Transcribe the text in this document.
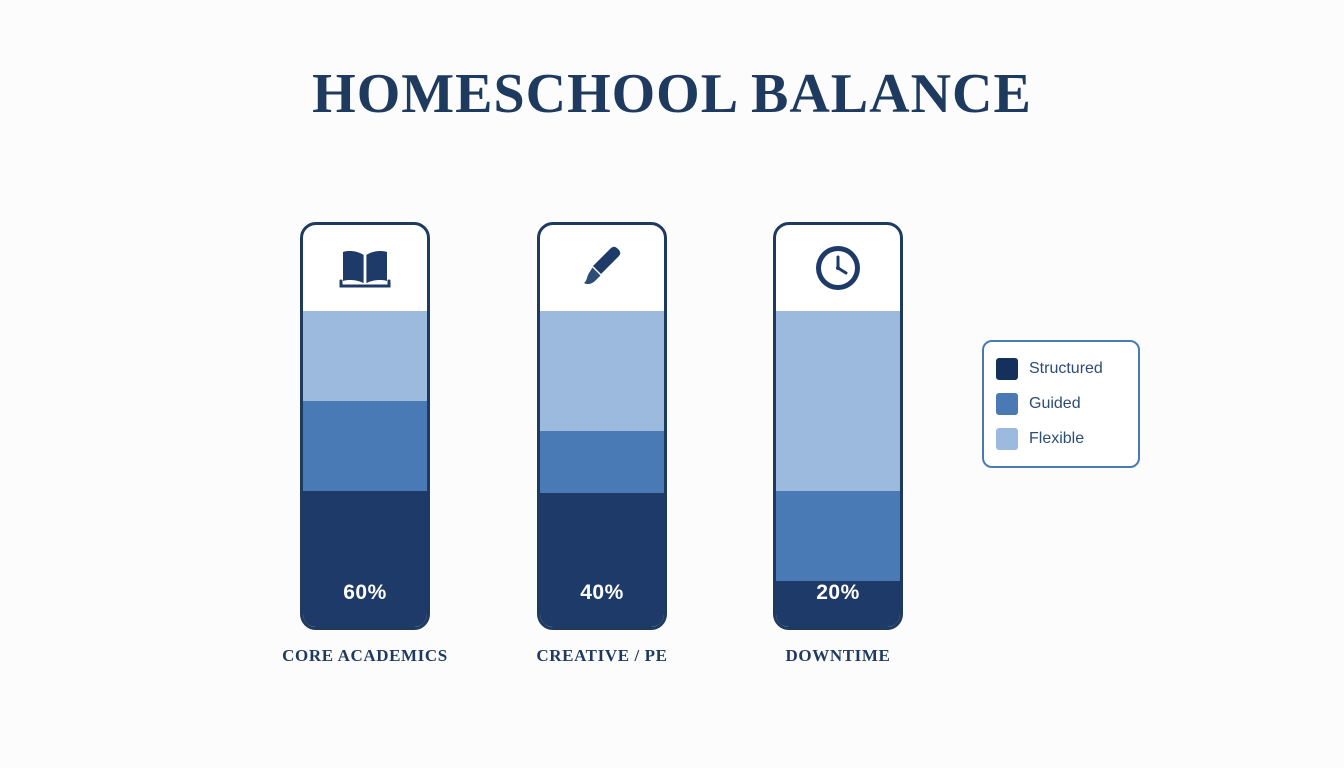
HOMESCHOOL BALANCE
60%
CORE ACADEMICS
40%
CREATIVE / PE
20%
DOWNTIME
Structured
Guided
Flexible
